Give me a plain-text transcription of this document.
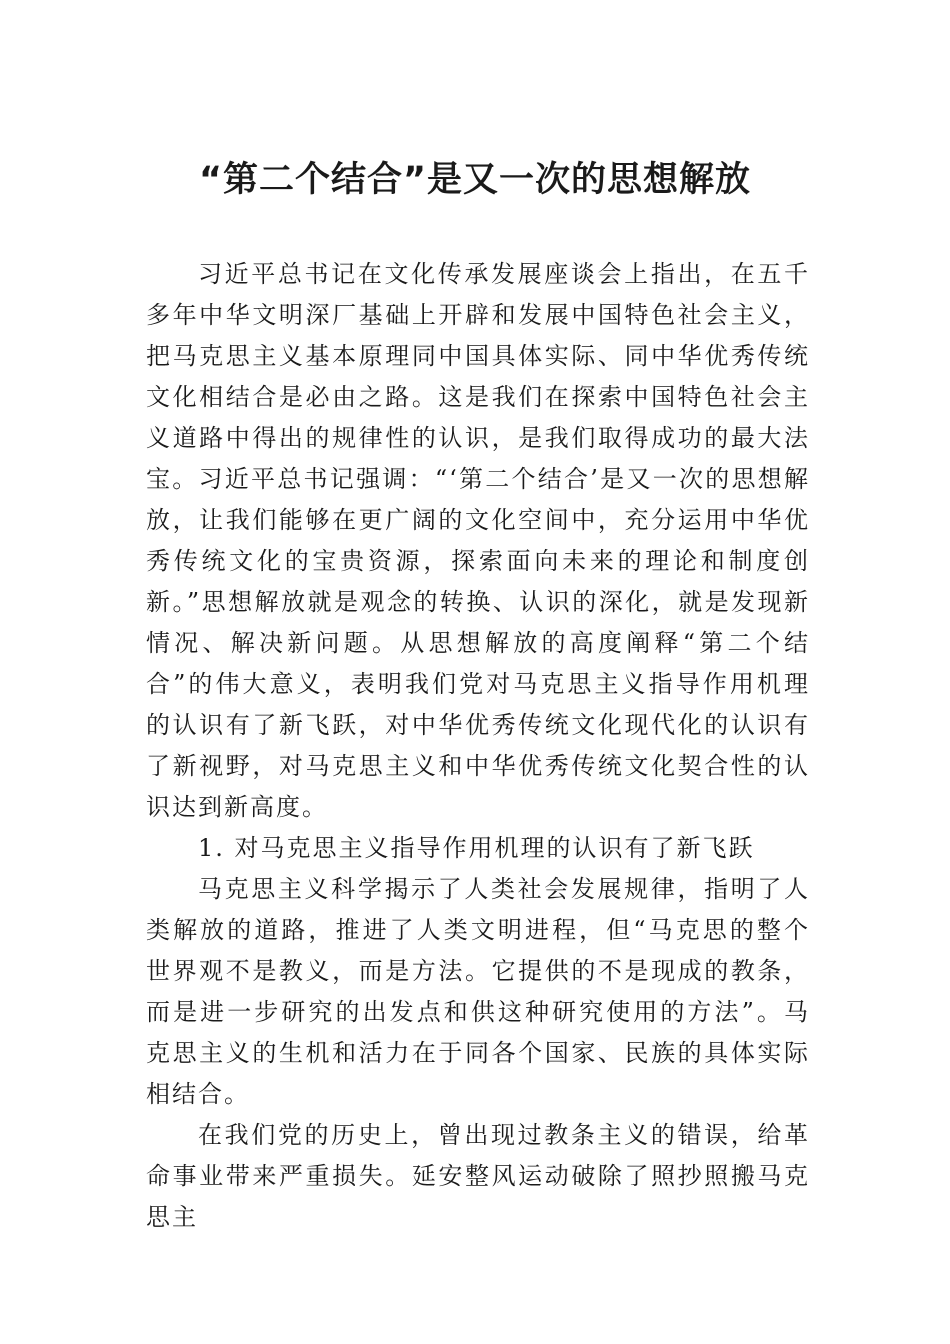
“第二个结合”是又一次的思想解放

习近平总书记在文化传承发展座谈会上指出，在五千多年中华文明深⼚基础上开辟和发展中国特色社会主义，把马克思主义基本原理同中国具体实际、同中华优秀传统文化相结合是必由之路。这是我们在探索中国特色社会主义道路中得出的规律性的认识，是我们取得成功的最大法宝。习近平总书记强调：“‘第二个结合’是又一次的思想解放，让我们能够在更广阔的文化空间中，充分运用中华优秀传统文化的宝贵资源，探索面向未来的理论和制度创新。”思想解放就是观念的转换、认识的深化，就是发现新情况、解决新问题。从思想解放的高度阐释“第二个结合”的伟大意义，表明我们党对马克思主义指导作用机理的认识有了新飞跃，对中华优秀传统文化现代化的认识有了新视野，对马克思主义和中华优秀传统文化契合性的认识达到新高度。

1. 对马克思主义指导作用机理的认识有了新飞跃

马克思主义科学揭示了人类社会发展规律，指明了人类解放的道路，推进了人类文明进程，但“马克思的整个世界观不是教义，而是方法。它提供的不是现成的教条，而是进一步研究的出发点和供这种研究使用的方法”。马克思主义的生机和活力在于同各个国家、民族的具体实际相结合。

在我们党的历史上，曾出现过教条主义的错误，给革命事业带来严重损失。延安整风运动破除了照抄照搬马克思主
